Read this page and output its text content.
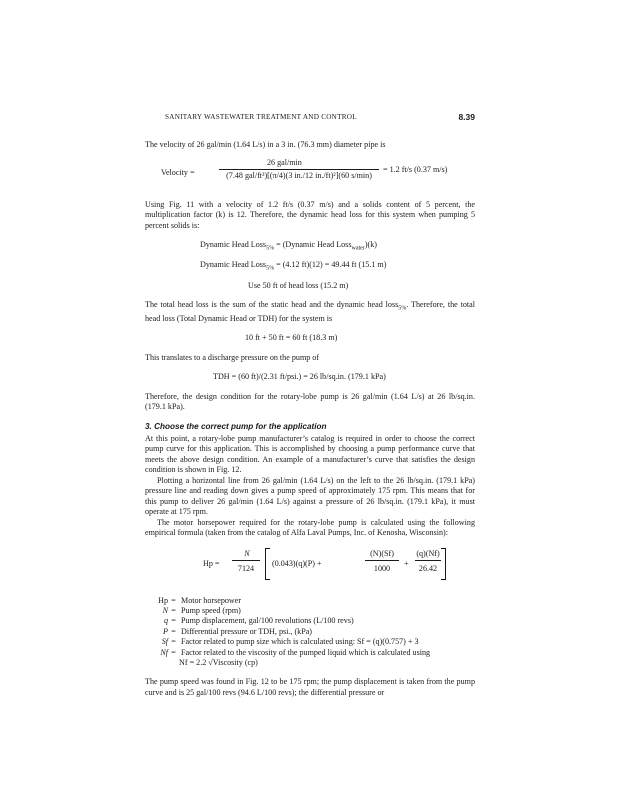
SANITARY WASTEWATER TREATMENT AND CONTROL	8.39

The velocity of 26 gal/min (1.64 L/s) in a 3 in. (76.3 mm) diameter pipe is

Velocity =
26 gal/min
(7.48 gal/ft³)[(π/4)(3 in./12 in./ft)²](60 s/min)
= 1.2 ft/s (0.37 m/s)

Using Fig. 11 with a velocity of 1.2 ft/s (0.37 m/s) and a solids content of 5 percent, the multiplication factor (k) is 12. Therefore, the dynamic head loss for this system when pumping 5 percent solids is:

Dynamic Head Loss$_{5\%}$ = (Dynamic Head Loss$_{water}$)(k)
Dynamic Head Loss$_{5\%}$ = (4.12 ft)(12) = 49.44 ft (15.1 m)
Use 50 ft of head loss (15.2 m)

The total head loss is the sum of the static head and the dynamic head loss$_{5\%}$. Therefore, the total head loss (Total Dynamic Head or TDH) for the system is

10 ft + 50 ft = 60 ft (18.3 m)

This translates to a discharge pressure on the pump of

TDH = (60 ft)/(2.31 ft/psi.) = 26 lb/sq.in. (179.1 kPa)

Therefore, the design condition for the rotary-lobe pump is 26 gal/min (1.64 L/s) at 26 lb/sq.in. (179.1 kPa).

3. Choose the correct pump for the application

At this point, a rotary-lobe pump manufacturer’s catalog is required in order to choose the correct pump curve for this application. This is accomplished by choosing a pump performance curve that meets the above design condition. An example of a manufacturer’s curve that satisfies the design condition is shown in Fig. 12.

Plotting a horizontal line from 26 gal/min (1.64 L/s) on the left to the 26 lb/sq.in. (179.1 kPa) pressure line and reading down gives a pump speed of approximately 175 rpm. This means that for this pump to deliver 26 gal/min (1.64 L/s) against a pressure of 26 lb/sq.in. (179.1 kPa), it must operate at 175 rpm.

The motor horsepower required for the rotary-lobe pump is calculated using the following empirical formula (taken from the catalog of Alfa Laval Pumps, Inc. of Kenosha, Wisconsin):

Hp =
N
7124
(0.043)(q)(P) +
(N)(Sf)
1000
+
(q)(Nf)
26.42
Hp = Motor horsepower
N = Pump speed (rpm)
q = Pump displacement, gal/100 revolutions (L/100 revs)
P = Differential pressure or TDH, psi., (kPa)
Sf = Factor related to pump size which is calculated using: Sf = (q)(0.757) + 3
Nf = Factor related to the viscosity of the pumped liquid which is calculated using
Nf = 2.2 √Viscosity (cp)

The pump speed was found in Fig. 12 to be 175 rpm; the pump displacement is taken from the pump curve and is 25 gal/100 revs (94.6 L/100 revs); the differential pressure or
